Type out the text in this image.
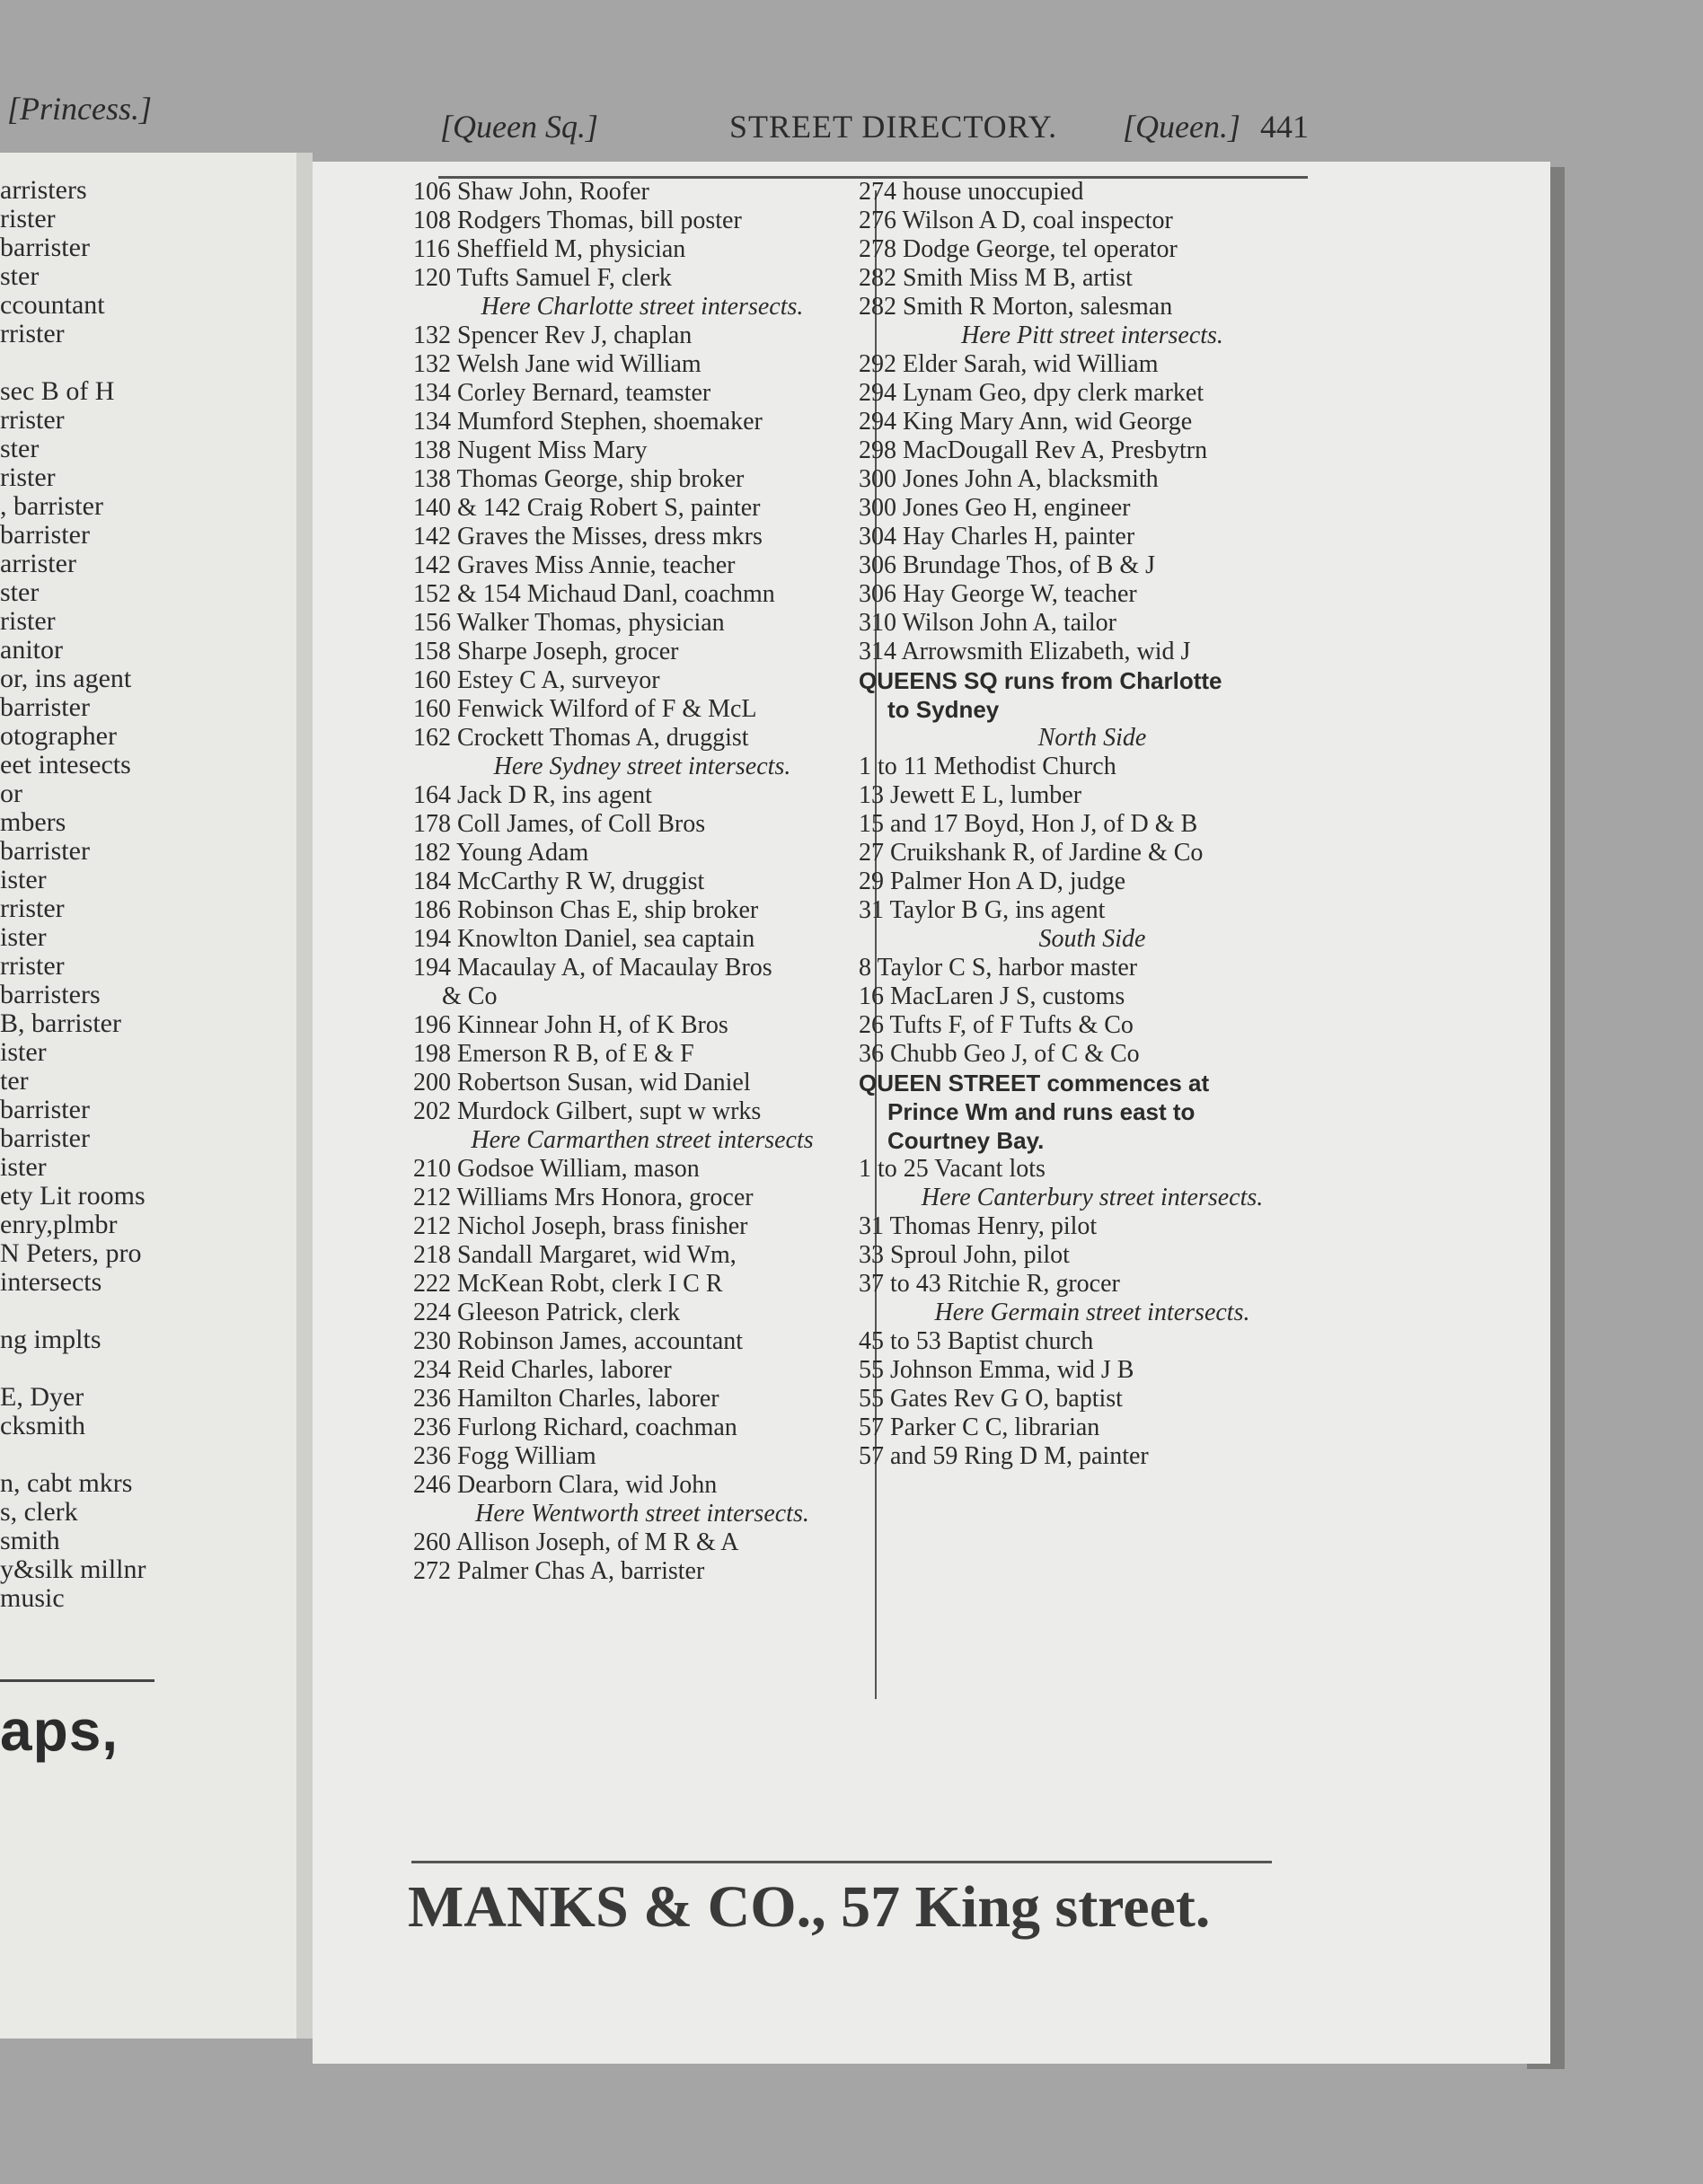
[Princess.]
arristers
rister
barrister
ster
ccountant
rrister
sec B of H
rrister
ster
rister
, barrister
barrister
arrister
ster
rister
anitor
or, ins agent
barrister
otographer
eet intesects
or
mbers
barrister
ister
rrister
ister
rrister
barristers
B, barrister
ister
ter
barrister
barrister
ister
ety Lit rooms
enry,plmbr
N Peters, pro
intersects
ng implts
E, Dyer
cksmith
n, cabt mkrs
s, clerk
smith
y&silk millnr
music
aps,
[Queen Sq.]	STREET DIRECTORY. [Queen.] 441
106 Shaw John, Roofer
108 Rodgers Thomas, bill poster
116 Sheffield M, physician
120 Tufts Samuel F, clerk
Here Charlotte street intersects.
132 Spencer Rev J, chaplan
132 Welsh Jane wid William
134 Corley Bernard, teamster
134 Mumford Stephen, shoemaker
138 Nugent Miss Mary
138 Thomas George, ship broker
140 & 142 Craig Robert S, painter
142 Graves the Misses, dress mkrs
142 Graves Miss Annie, teacher
152 & 154 Michaud Danl, coachmn
156 Walker Thomas, physician
158 Sharpe Joseph, grocer
160 Estey C A, surveyor
160 Fenwick Wilford of F & McL
162 Crockett Thomas A, druggist
Here Sydney street intersects.
164 Jack D R, ins agent
178 Coll James, of Coll Bros
182 Young Adam
184 McCarthy R W, druggist
186 Robinson Chas E, ship broker
194 Knowlton Daniel, sea captain
194 Macaulay A, of Macaulay Bros
& Co
196 Kinnear John H, of K Bros
198 Emerson R B, of E & F
200 Robertson Susan, wid Daniel
202 Murdock Gilbert, supt w wrks
Here Carmarthen street intersects
210 Godsoe William, mason
212 Williams Mrs Honora, grocer
212 Nichol Joseph, brass finisher
218 Sandall Margaret, wid Wm,
222 McKean Robt, clerk I C R
224 Gleeson Patrick, clerk
230 Robinson James, accountant
234 Reid Charles, laborer
236 Hamilton Charles, laborer
236 Furlong Richard, coachman
236 Fogg William
246 Dearborn Clara, wid John
Here Wentworth street intersects.
260 Allison Joseph, of M R & A
272 Palmer Chas A, barrister
274 house unoccupied
276 Wilson A D, coal inspector
278 Dodge George, tel operator
282 Smith Miss M B, artist
282 Smith R Morton, salesman
Here Pitt street intersects.
292 Elder Sarah, wid William
294 Lynam Geo, dpy clerk market
294 King Mary Ann, wid George
298 MacDougall Rev A, Presbytrn
300 Jones John A, blacksmith
300 Jones Geo H, engineer
304 Hay Charles H, painter
306 Brundage Thos, of B & J
306 Hay George W, teacher
310 Wilson John A, tailor
314 Arrowsmith Elizabeth, wid J
QUEENS SQ runs from Charlotte
to Sydney
North Side
1 to 11 Methodist Church
13 Jewett E L, lumber
15 and 17 Boyd, Hon J, of D & B
27 Cruikshank R, of Jardine & Co
29 Palmer Hon A D, judge
31 Taylor B G, ins agent
South Side
8 Taylor C S, harbor master
16 MacLaren J S, customs
26 Tufts F, of F Tufts & Co
36 Chubb Geo J, of C & Co
QUEEN STREET commences at
Prince Wm and runs east to
Courtney Bay.
1 to 25 Vacant lots
Here Canterbury street intersects.
31 Thomas Henry, pilot
33 Sproul John, pilot
37 to 43 Ritchie R, grocer
Here Germain street intersects.
45 to 53 Baptist church
55 Johnson Emma, wid J B
55 Gates Rev G O, baptist
57 Parker C C, librarian
57 and 59 Ring D M, painter
MANKS & CO., 57 King street.
